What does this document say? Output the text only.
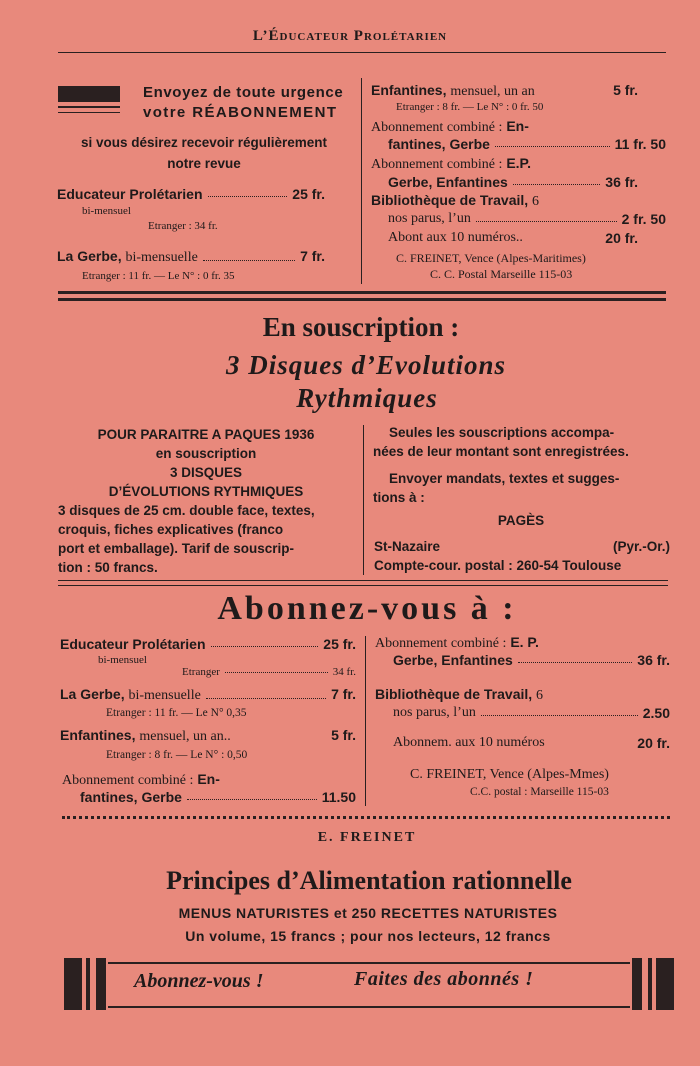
L’Éducateur Prolétarien
Envoyez de toute urgence
votre RÉABONNEMENT
si vous désirez recevoir régulièrement
notre revue
Educateur Prolétarien	25 fr.
bi-mensuel
Etranger : 34 fr.
La Gerbe, bi-mensuelle	7 fr.
Etranger : 11 fr. — Le N° : 0 fr. 35
Enfantines, mensuel, un an	5 fr.
Etranger : 8 fr. — Le N° : 0 fr. 50
Abonnement combiné : En-
fantines, Gerbe	11 fr. 50
Abonnement combiné : E.P.
Gerbe, Enfantines	36 fr.
Bibliothèque de Travail, 6
nos parus, l’un	2 fr. 50
Abont aux 10 numéros..	20 fr.
C. FREINET, Vence (Alpes-Maritimes)
C. C. Postal Marseille 115-03
En souscription :
3 Disques d’Evolutions
Rythmiques
POUR PARAITRE A PAQUES 1936
en souscription
3 DISQUES
D’ÉVOLUTIONS RYTHMIQUES
3 disques de 25 cm. double face, textes,
croquis, fiches explicatives (franco
port et emballage). Tarif de souscrip-
tion : 50 francs.
Seules les souscriptions accompa-
nées de leur montant sont enregistrées.
Envoyer mandats, textes et sugges-
tions à :
PAGÈS
St-Nazaire	(Pyr.-Or.)
Compte-cour. postal : 260-54 Toulouse
Abonnez-vous à :
Educateur Prolétarien	25 fr.
bi-mensuel
Etranger	34 fr.
La Gerbe, bi-mensuelle	7 fr.
Etranger : 11 fr. — Le N° 0,35
Enfantines, mensuel, un an..	5 fr.
Etranger : 8 fr. — Le N° : 0,50
Abonnement combiné : En-
fantines, Gerbe	11.50
Abonnement combiné : E. P.
Gerbe, Enfantines	36 fr.
Bibliothèque de Travail, 6
nos parus, l’un	2.50
Abonnem. aux 10 numéros	20 fr.
C. FREINET, Vence (Alpes-Mmes)
C.C. postal : Marseille 115-03
E. FREINET
Principes d’Alimentation rationnelle
MENUS NATURISTES et 250 RECETTES NATURISTES
Un volume, 15 francs ; pour nos lecteurs, 12 francs
Abonnez-vous !	Faites des abonnés !
